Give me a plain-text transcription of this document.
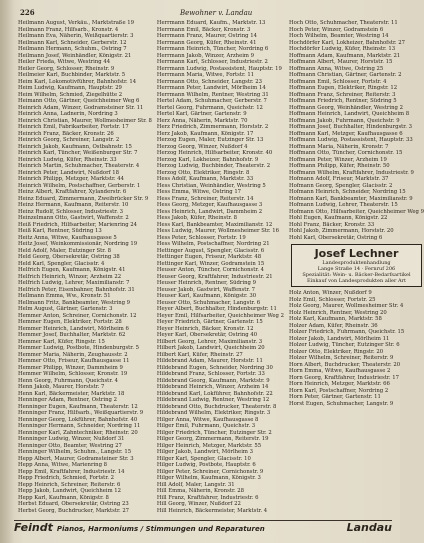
226	Bewohner v. Landau

Heilmann August, Verkäu., Marktstraße 19

Heilmann Franz, Hilfsarb., Kronstr. 4

Heilmann Eva, Näherin, Weißquartierstr. 3

Heilmann Karl, Schneider, Gerberstr. 12

Heilmann Hermann, Schuhm., Ostring 7

Heilmann Josef, Weinhändler, Königstr. 21

Heiler Frieda, Witwe, Westring 44

Heiler Georg, Schlosser, Rheinstr. 9

Heilmeier Karl, Buchbinder, Marktstr. 5

Heim Karl, Lokomotivführer, Bahnhofstr. 14

Heim Ludwig, Kaufmann, Hauptstr. 29

Heim Wilhelm, Schmied, Ziegelhütte 2

Heimann Otto, Gärtner, Queichheimer Weg 6

Heinrich Adam, Winzer, Godramsteiner Str. 11

Heinrich Anna, Ladnerin, Nordring 3

Heinrich Christian, Maurer, Wollmesheimer Str. 8

Heinrich Emil, Fabrikarbeiter, Fortstr. 17

Heinrich Franz, Bäcker, Kronstr. 26

Heinrich Georg, Schreiner, Langstr. 2

Heinrich Jakob, Kaufmann, Ostbahnstr. 15

Heinrich Karl, Tüncher, Weißenburger Str. 7

Heinrich Ludwig, Küfer, Rheinstr. 33

Heinrich Martin, Schuhmacher, Theaterstr. 4

Heinrich Peter, Landwirt, Nußdorf 18

Heinrich Philipp, Metzger, Marktstr. 44

Heinrich Wilhelm, Postschaffner, Gerberstr. 1

Heinz Albert, Kraftfahrer, Xylanderstr. 6

Heinz Eduard, Zimmermann, Zweibrücker Str. 9

Heinz Hermann, Kaufmann, Reiterstr. 10

Heinz Rudolf, Schlosser, Industriestr. 3

Heinzelmann Otto, Gastwirt, Waffenstr. 2

Heiß Friedrich, Hilfsarbeiter, Marienring 24

Heiß Karl, Rentner, Südring 13

Heitz Anna, Witwe, Kaufhausgasse 5

Heitz Josef, Weinkommissionär, Nordring 19

Held Adolf, Maler, Eutzinger Str. 8

Held Georg, Obersekretär, Ostring 38

Held Karl, Spengler, Glacisstr. 4

Helfrich Eugen, Kaufmann, Königstr. 41

Helfrich Heinrich, Winzer, Arzheim 22

Helfrich Ludwig, Lehrer, Maximilianstr. 7

Helfrich Peter, Eisenbahner, Bahnhofstr. 31

Hellmann Emma, Ww., Kronstr. 51

Hellmann Fritz, Bankbeamter, Westring 9

Helm August, Gärtner, Gartenstr. 3

Hemmer Anton, Schreiner, Cornichonstr. 12

Hemmer Eugen, Elektriker, Fortstr. 28

Hemmer Heinrich, Landwirt, Mörlheim 6

Hemmer Josef, Buchhalter, Marktstr. 62

Hemmer Karl, Küfer, Ringstr. 15

Hemmer Ludwig, Postbote, Hindenburgstr. 5

Hemmer Maria, Näherin, Zeughausstr. 2

Hemmer Otto, Friseur, Kaufhausgasse 11

Hemmer Philipp, Winzer, Dammheim 9

Hemmer Wilhelm, Schlosser, Kronstr. 19

Henn Georg, Fuhrmann, Queichstr. 4

Henn Jakob, Maurer, Horststr. 7

Henn Karl, Bäckermeister, Marktstr. 18

Henninger Adam, Rentner, Ostring 2

Henninger Eugen, Kaufmann, Theaterstr. 12

Henninger Franz, Hilfsarb., Weißquartierstr. 9

Henninger Georg, Lokführer, Bahnhofstr. 40

Henninger Hermann, Schneider, Nordring 11

Henninger Karl, Zahntechniker, Rheinstr. 20

Henninger Ludwig, Winzer, Nußdorf 31

Henninger Otto, Beamter, Westring 27

Henninger Wilhelm, Schuhm., Langstr. 15

Hepp Albert, Maurer, Godramsteiner Str. 3

Hepp Anna, Witwe, Marienring 8

Hepp Emil, Kraftfahrer, Industriestr. 14

Hepp Friedrich, Schmied, Fortstr. 2

Hepp Heinrich, Schreiner, Reiterstr. 6

Hepp Jakob, Landwirt, Queichheim 12

Hepp Karl, Kaufmann, Königstr. 8

Herbst Eduard, Obersekretär, Ostring 23

Herbst Georg, Buchdrucker, Marktstr. 27

Herrmann Eduard, Kaufm., Marktstr. 13

Herrmann Emil, Bäcker, Kronstr. 3

Herrmann Franz, Maurer, Ostring 14

Herrmann Georg, Küfer, Rheinstr. 41

Herrmann Heinrich, Tüncher, Nordring 6

Herrmann Jakob, Winzer, Arzheim 9

Herrmann Karl, Schlosser, Industriestr. 2

Herrmann Ludwig, Postassistent, Hauptstr. 19

Herrmann Maria, Witwe, Fortstr. 11

Herrmann Otto, Schneider, Langstr. 23

Herrmann Peter, Landwirt, Mörlheim 14

Herrmann Wilhelm, Rentner, Westring 31

Hertel Adam, Schuhmacher, Gerberstr. 7

Hertel Georg, Fuhrmann, Queichstr. 12

Hertel Karl, Gärtner, Gartenstr. 9

Herz Anna, Näherin, Marktstr. 70

Herz Friedrich, Zimmermann, Horststr. 2

Herz Jakob, Kaufmann, Königstr. 17

Herzog Eugen, Maler, Eutzinger Str. 13

Herzog Georg, Winzer, Nußdorf 4

Herzog Heinrich, Hilfsarbeiter, Kronstr. 40

Herzog Karl, Lokheizer, Bahnhofstr. 9

Herzog Ludwig, Buchbinder, Theaterstr. 2

Herzog Otto, Elektriker, Ringstr. 8

Hess Adolf, Kaufmann, Marktstr. 33

Hess Christian, Weinhändler, Westring 5

Hess Emma, Witwe, Ostring 17

Hess Franz, Schreiner, Reiterstr. 14

Hess Georg, Metzger, Kaufhausgasse 3

Hess Heinrich, Landwirt, Dammheim 2

Hess Jakob, Küfer, Rheinstr. 8

Hess Karl, Bankbeamter, Maximilianstr. 12

Hess Ludwig, Maurer, Wollmesheimer Str. 16

Hess Peter, Schlosser, Fortstr. 19

Hess Wilhelm, Postschaffner, Nordring 21

Hettinger August, Spengler, Glacisstr. 6

Hettinger Eugen, Friseur, Marktstr. 48

Hettinger Karl, Winzer, Godramstein 15

Heuser Anton, Tüncher, Cornichonstr. 4

Heuser Georg, Kraftfahrer, Industriestr. 21

Heuser Heinrich, Rentner, Südring 9

Heuser Jakob, Gastwirt, Waffenstr. 7

Heuser Karl, Kaufmann, Königstr. 30

Heuser Otto, Schuhmacher, Langstr. 6

Heyer Albert, Buchhalter, Hindenburgstr. 11

Heyer Emil, Hilfsarbeiter, Queichheimer Weg 2

Heyer Friedrich, Gärtner, Gartenstr. 15

Heyer Heinrich, Bäcker, Kronstr. 12

Heyer Karl, Obersekretär, Ostring 40

Hilbert Georg, Lehrer, Maximilianstr. 3

Hilbert Jakob, Landwirt, Queichheim 20

Hilbert Karl, Küfer, Rheinstr. 27

Hildebrand Adam, Maurer, Horststr. 11

Hildebrand Eugen, Schneider, Nordring 30

Hildebrand Franz, Schlosser, Fortstr. 33

Hildebrand Georg, Kaufmann, Marktstr. 9

Hildebrand Heinrich, Winzer, Arzheim 14

Hildebrand Karl, Lokführer, Bahnhofstr. 22

Hildebrand Ludwig, Rentner, Westring 12

Hildebrand Otto, Buchdrucker, Theaterstr. 8

Hildebrand Wilhelm, Elektriker, Ringstr. 3

Hilger Anna, Witwe, Kaufhausgasse 8

Hilger Emil, Fuhrmann, Queichstr. 3

Hilger Friedrich, Tüncher, Eutzinger Str. 2

Hilger Georg, Zimmermann, Reiterstr. 19

Hilger Heinrich, Metzger, Marktstr. 55

Hilger Jakob, Landwirt, Mörlheim 3

Hilger Karl, Spengler, Glacisstr. 10

Hilger Ludwig, Postbote, Hauptstr. 6

Hilger Peter, Schreiner, Cornichonstr. 9

Hilger Wilhelm, Kaufmann, Königstr. 3

Hill Adolf, Maler, Langstr. 31

Hill Emma, Näherin, Kronstr. 28

Hill Franz, Kraftfahrer, Industriestr. 6

Hill Georg, Winzer, Nußdorf 22

Hill Heinrich, Bäckermeister, Marktstr. 4

Hoch Otto, Schuhmacher, Theaterstr. 11

Hoch Peter, Winzer, Godramstein 6

Hoch Wilhelm, Beamter, Westring 14

Hochdörfer Karl, Lokheizer, Bahnhofstr. 27

Hochdörfer Ludwig, Küfer, Rheinstr. 13

Hoffmann Adam, Kaufmann, Marktstr. 21

Hoffmann Albert, Maurer, Horststr. 15

Hoffmann Anna, Witwe, Ostring 25

Hoffmann Christian, Gärtner, Gartenstr. 2

Hoffmann Emil, Schlosser, Fortstr. 4

Hoffmann Eugen, Elektriker, Ringstr. 12

Hoffmann Franz, Schreiner, Reiterstr. 3

Hoffmann Friedrich, Rentner, Südring 5

Hoffmann Georg, Weinhändler, Westring 2

Hoffmann Heinrich, Landwirt, Queichheim 8

Hoffmann Jakob, Fuhrmann, Queichstr. 9

Hoffmann Josef, Buchhalter, Hindenburgstr. 3

Hoffmann Karl, Metzger, Kaufhausgasse 6

Hoffmann Ludwig, Postassistent, Hauptstr. 33

Hoffmann Maria, Näherin, Kronstr. 7

Hoffmann Otto, Tüncher, Cornichonstr. 15

Hoffmann Peter, Winzer, Arzheim 19

Hoffmann Philipp, Küfer, Rheinstr. 50

Hoffmann Wilhelm, Kraftfahrer, Industriestr. 9

Hofmann Adolf, Friseur, Marktstr. 37

Hofmann Georg, Spengler, Glacisstr. 2

Hofmann Heinrich, Schneider, Nordring 15

Hofmann Karl, Bankbeamter, Maximilianstr. 9

Hofmann Ludwig, Lehrer, Theaterstr. 15

Hofmann Otto, Hilfsarbeiter, Queichheimer Weg 9

Hohl Eugen, Kaufmann, Königstr. 22

Hohl Franz, Bäcker, Kronstr. 33

Hohl Jakob, Zimmermann, Horststr. 20

Hohl Karl, Obersekretär, Ostring 6

Josef Lechner
Landesproduktenhandlung
Lange Straße 14 · Fernruf 206
Spezialität: Wein- u. Bäcker-Bedarfsartikel
Einkauf von Landesprodukten aller Art

Holz Anton, Winzer, Nußdorf 9

Holz Emil, Schlosser, Fortstr. 25

Holz Georg, Maurer, Wollmesheimer Str. 4

Holz Heinrich, Rentner, Westring 20

Holz Karl, Kaufmann, Marktstr. 58

Holzer Adam, Küfer, Rheinstr. 36

Holzer Friedrich, Fuhrmann, Queichstr. 15

Holzer Jakob, Landwirt, Mörlheim 11

Holzer Ludwig, Tüncher, Eutzinger Str. 6

Holzer Otto, Elektriker, Ringstr. 20

Holzer Wilhelm, Schreiner, Reiterstr. 9

Horn Albert, Buchdrucker, Theaterstr. 20

Horn Emma, Witwe, Kaufhausgasse 2

Horn Georg, Kraftfahrer, Industriestr. 17

Horn Heinrich, Metzger, Marktstr. 66

Horn Karl, Postschaffner, Nordring 2

Horn Peter, Gärtner, Gartenstr. 11

Horst Eugen, Schuhmacher, Langstr. 9

Feindt Pianos, Harmoniums / Stimmungen und Reparaturen	Landau
